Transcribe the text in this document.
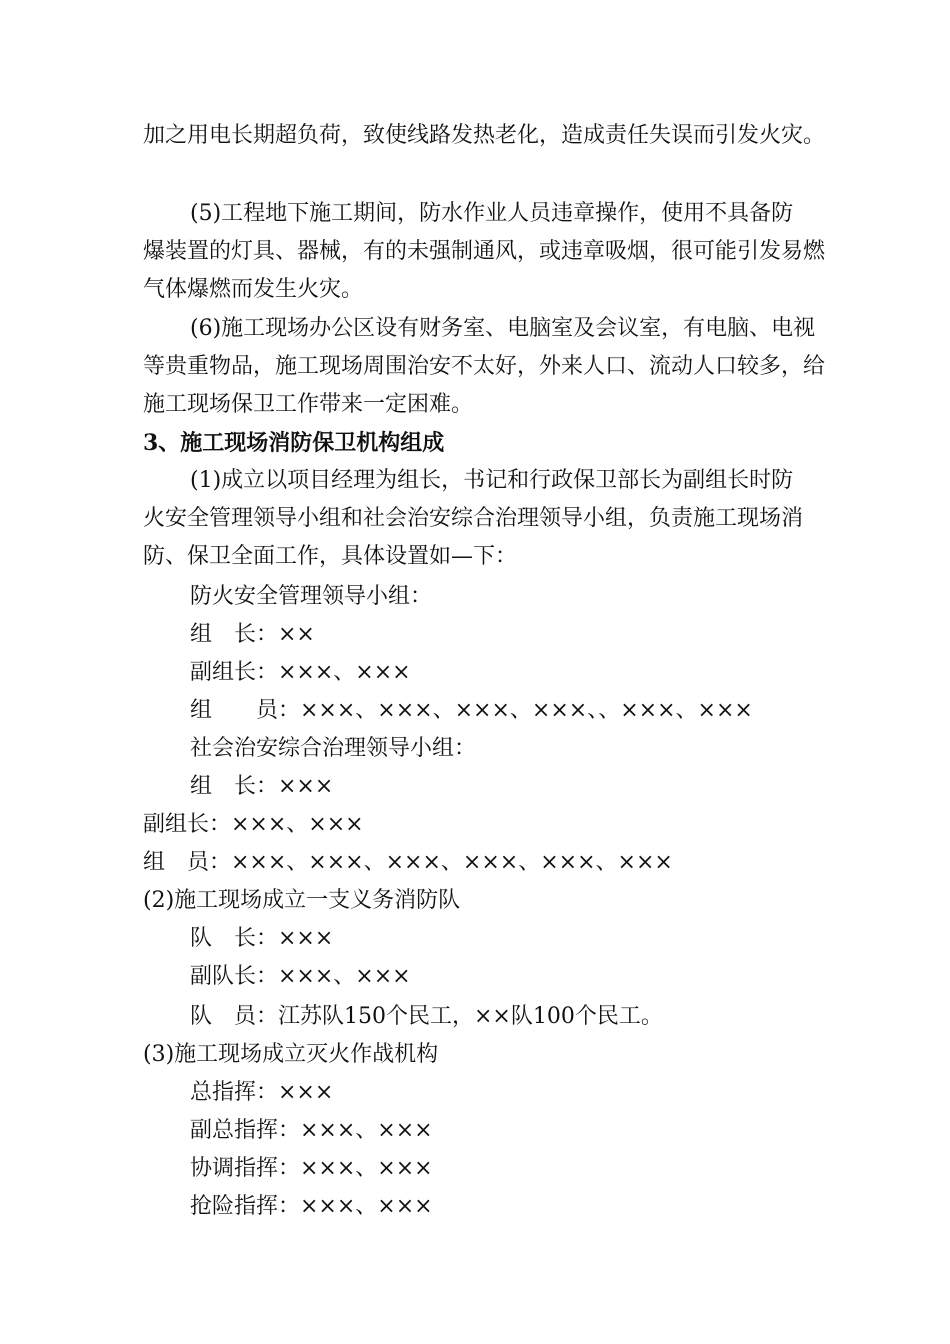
加之用电长期超负荷，致使线路发热老化，造成责任失误而引发火灾。
(5)工程地下施工期间，防水作业人员违章操作，使用不具备防
爆装置的灯具、器械，有的未强制通风，或违章吸烟，很可能引发易燃
气体爆燃而发生火灾。
(6)施工现场办公区设有财务室、电脑室及会议室，有电脑、电视
等贵重物品，施工现场周围治安不太好，外来人口、流动人口较多，给
施工现场保卫工作带来一定困难。
3、施工现场消防保卫机构组成
(1)成立以项目经理为组长，书记和行政保卫部长为副组长时防
火安全管理领导小组和社会治安综合治理领导小组，负责施工现场消
防、保卫全面工作，具体设置如—下：
防火安全管理领导小组：
组　长：××
副组长：×××、×××
组　　员：×××、×××、×××、×××、、×××、×××
社会治安综合治理领导小组：
组　长：×××
副组长：×××、×××
组　员：×××、×××、×××、×××、×××、×××
(2)施工现场成立一支义务消防队
队　长：×××
副队长：×××、×××
队　员：江苏队150个民工，××队100个民工。
(3)施工现场成立灭火作战机构
总指挥：×××
副总指挥：×××、×××
协调指挥：×××、×××
抢险指挥：×××、×××
